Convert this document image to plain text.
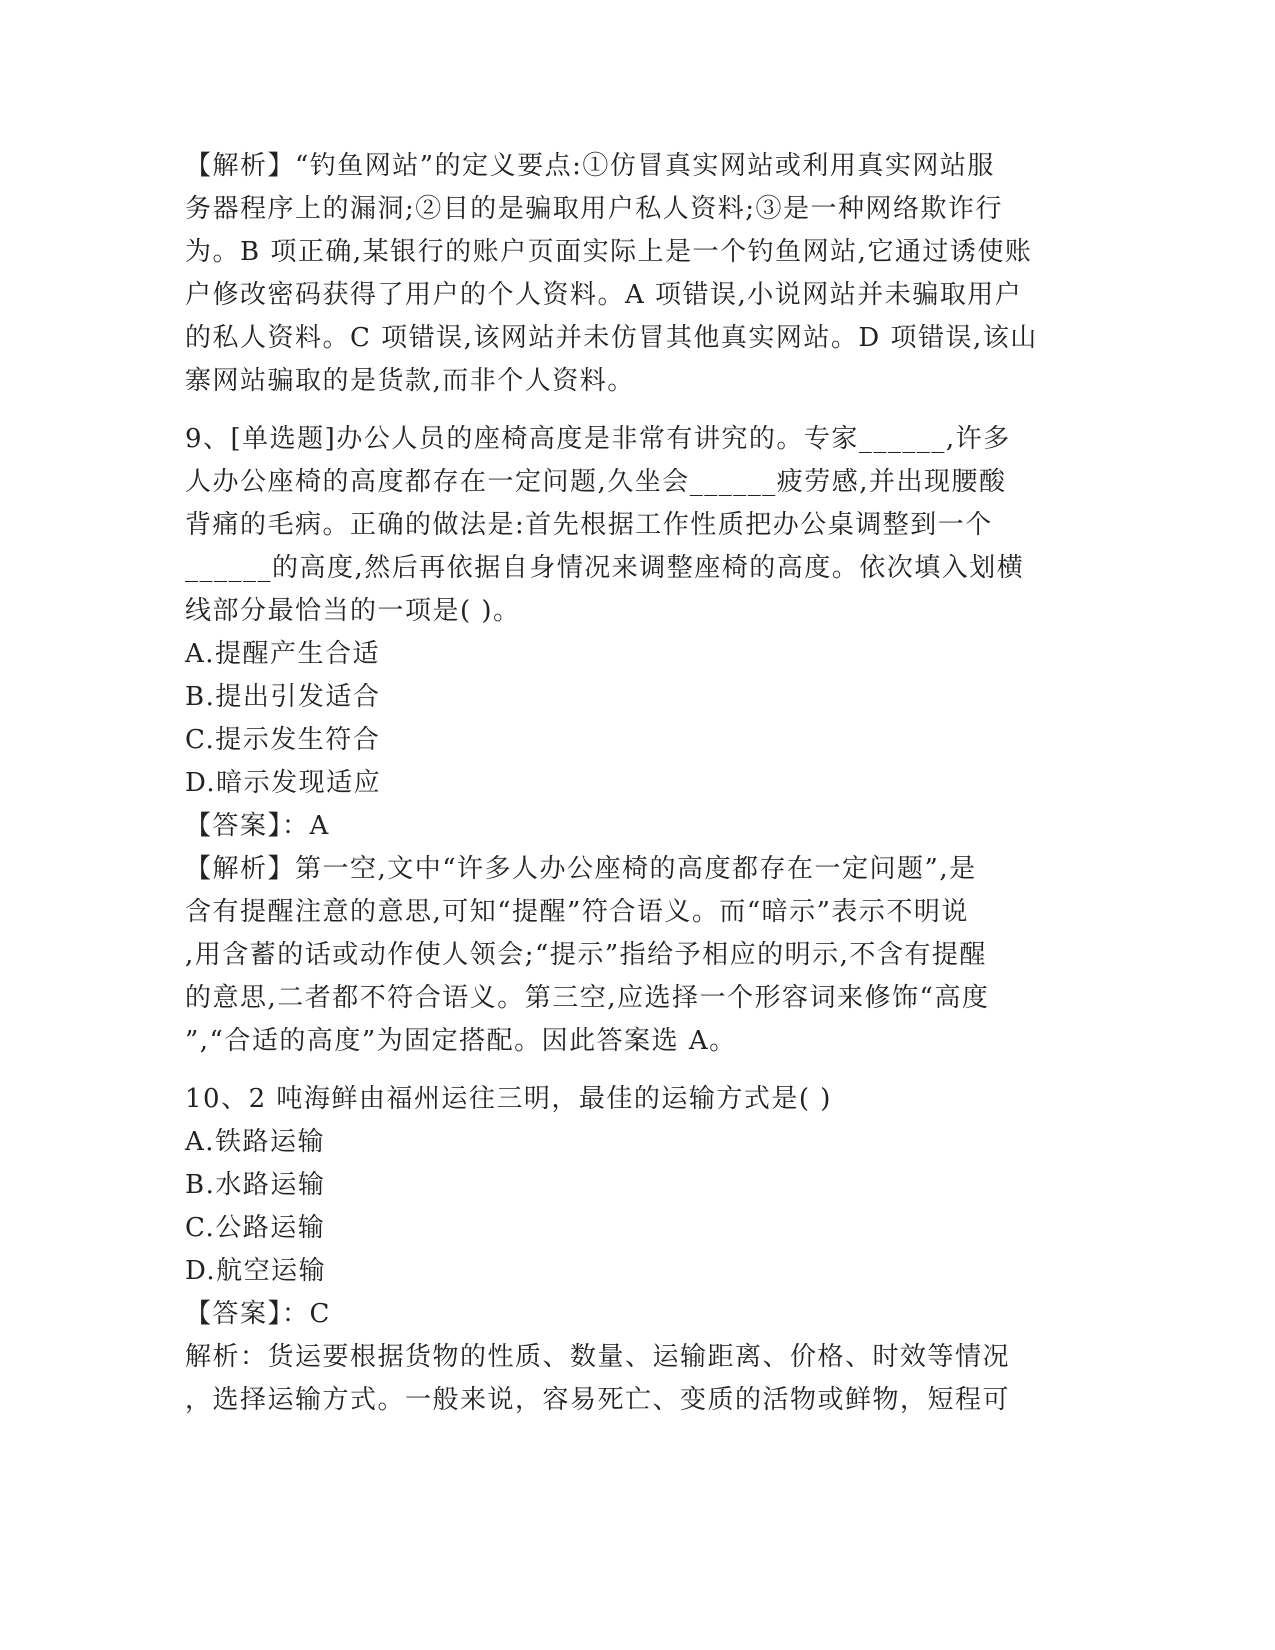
【解析】“钓鱼网站”的定义要点:①仿冒真实网站或利用真实网站服

务器程序上的漏洞;②目的是骗取用户私人资料;③是一种网络欺诈行

为。B 项正确,某银行的账户页面实际上是一个钓鱼网站,它通过诱使账

户修改密码获得了用户的个人资料。A 项错误,小说网站并未骗取用户

的私人资料。C 项错误,该网站并未仿冒其他真实网站。D 项错误,该山

寨网站骗取的是货款,而非个人资料。

9、[单选题]办公人员的座椅高度是非常有讲究的。专家______,许多

人办公座椅的高度都存在一定问题,久坐会______疲劳感,并出现腰酸

背痛的毛病。正确的做法是:首先根据工作性质把办公桌调整到一个

______的高度,然后再依据自身情况来调整座椅的高度。依次填入划横

线部分最恰当的一项是( )。

A.提醒产生合适

B.提出引发适合

C.提示发生符合

D.暗示发现适应

【答案】：A

【解析】第一空,文中“许多人办公座椅的高度都存在一定问题”,是

含有提醒注意的意思,可知“提醒”符合语义。而“暗示”表示不明说

,用含蓄的话或动作使人领会;“提示”指给予相应的明示,不含有提醒

的意思,二者都不符合语义。第三空,应选择一个形容词来修饰“高度

”,“合适的高度”为固定搭配。因此答案选 A。

10、2 吨海鲜由福州运往三明，最佳的运输方式是( )

A.铁路运输

B.水路运输

C.公路运输

D.航空运输

【答案】：C

解析：货运要根据货物的性质、数量、运输距离、价格、时效等情况

，选择运输方式。一般来说，容易死亡、变质的活物或鲜物，短程可
